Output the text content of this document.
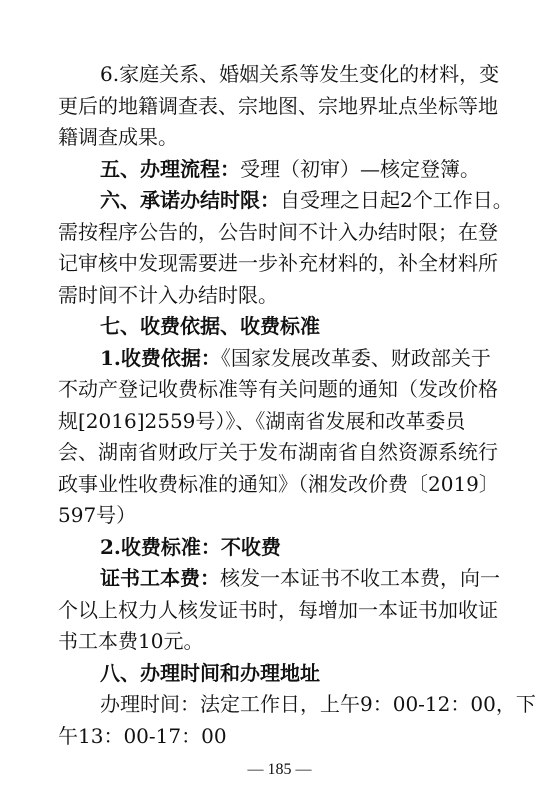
6.家庭关系、婚姻关系等发生变化的材料，变
更后的地籍调查表、宗地图、宗地界址点坐标等地
籍调查成果。
五、办理流程：受理（初审）—核定登簿。
六、承诺办结时限：自受理之日起2个工作日。
需按程序公告的，公告时间不计入办结时限；在登
记审核中发现需要进一步补充材料的，补全材料所
需时间不计入办结时限。
七、收费依据、收费标准
1.收费依据：《国家发展改革委、财政部关于
不动产登记收费标准等有关问题的通知（发改价格
规[2016]2559号）》、《湖南省发展和改革委员
会、湖南省财政厅关于发布湖南省自然资源系统行
政事业性收费标准的通知》（湘发改价费〔2019〕
597号）
2.收费标准：不收费
证书工本费：核发一本证书不收工本费，向一
个以上权力人核发证书时，每增加一本证书加收证
书工本费10元。
八、办理时间和办理地址
— 185 —
办理时间：法定工作日，上午9：00-12：00，下
午13：00-17：00
